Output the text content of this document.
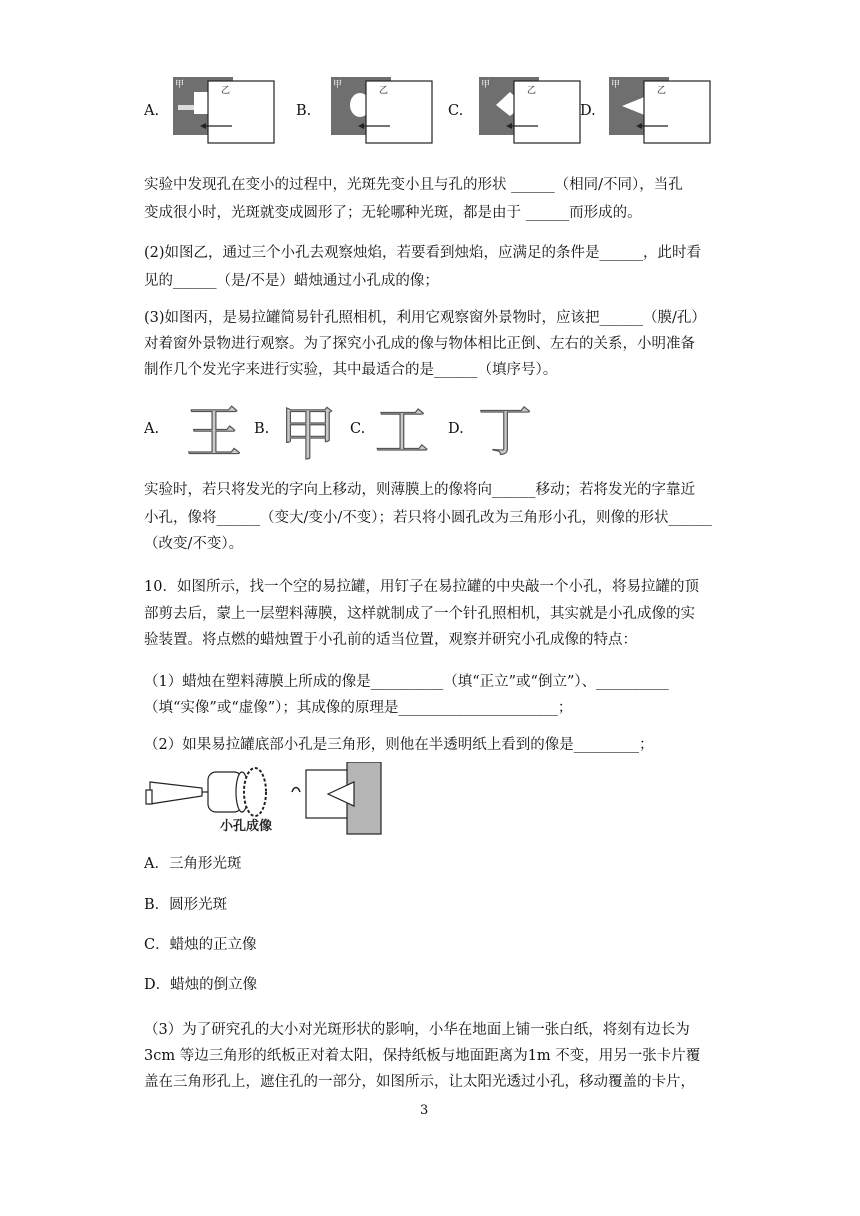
A.
甲
乙
B.
甲
乙
C.
甲
乙
D.
甲
乙
实验中发现孔在变小的过程中，光斑先变小且与孔的形状 ______（相同/不同），当孔
变成很小时，光斑就变成圆形了；无轮哪种光斑，都是由于 ______而形成的。
(2)如图乙，通过三个小孔去观察烛焰，若要看到烛焰，应满足的条件是______，此时看
见的______（是/不是）蜡烛通过小孔成的像；
(3)如图丙，是易拉罐简易针孔照相机，利用它观察窗外景物时，应该把______（膜/孔）
对着窗外景物进行观察。为了探究小孔成的像与物体相比正倒、左右的关系，小明准备
制作几个发光字来进行实验，其中最适合的是______（填序号）。
A. 王 B. 甲 C. 工 D. 丁
实验时，若只将发光的字向上移动，则薄膜上的像将向______移动；若将发光的字靠近
小孔，像将______（变大/变小/不变）；若只将小圆孔改为三角形小孔，则像的形状______
（改变/不变）。
10．如图所示，找一个空的易拉罐，用钉子在易拉罐的中央敲一个小孔，将易拉罐的顶
部剪去后，蒙上一层塑料薄膜，这样就制成了一个针孔照相机，其实就是小孔成像的实
验装置。将点燃的蜡烛置于小孔前的适当位置，观察并研究小孔成像的特点：
（1）蜡烛在塑料薄膜上所成的像是__________（填“正立”或“倒立”）、__________
（填“实像”或“虚像”）；其成像的原理是______________________；
（2）如果易拉罐底部小孔是三角形，则他在半透明纸上看到的像是_________；
小孔成像
A．三角形光斑
B．圆形光斑
C．蜡烛的正立像
D．蜡烛的倒立像
（3）为了研究孔的大小对光斑形状的影响，小华在地面上铺一张白纸，将刻有边长为
3cm 等边三角形的纸板正对着太阳，保持纸板与地面距离为1m 不变，用另一张卡片覆
盖在三角形孔上，遮住孔的一部分，如图所示，让太阳光透过小孔，移动覆盖的卡片，
3
